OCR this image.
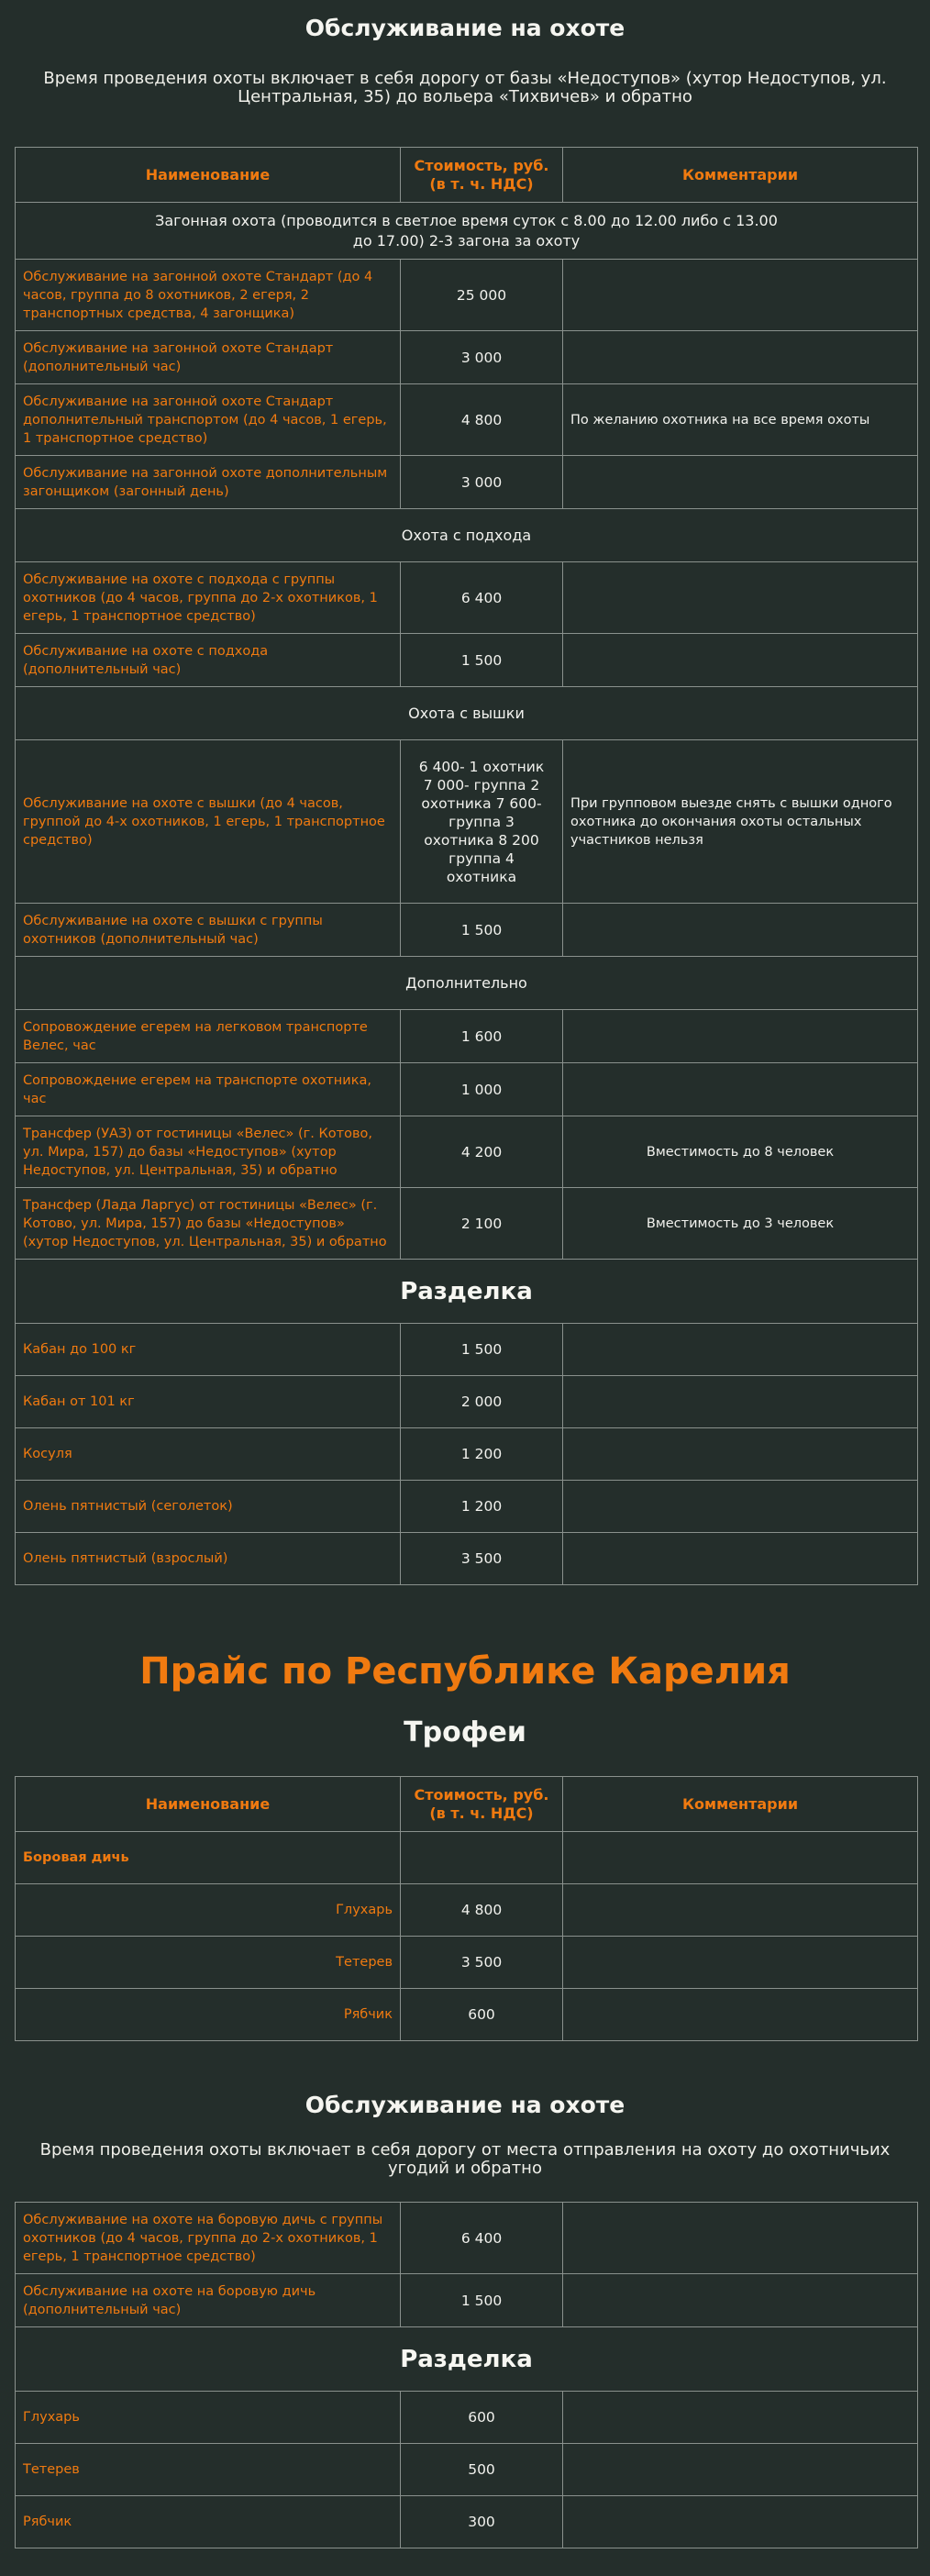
Обслуживание на охоте

Время проведения охоты включает в себя дорогу от базы «Недоступов» (хутор Недоступов, ул. Центральная, 35) до вольера «Тихвичев» и обратно

Наименование	Стоимость, руб. (в т. ч. НДС)	Комментарии
Загонная охота (проводится в светлое время суток с 8.00 до 12.00 либо с 13.00 до 17.00) 2-3 загона за охоту		
Обслуживание на загонной охоте Стандарт (до 4 часов, группа до 8 охотников, 2 егеря, 2 транспортных средства, 4 загонщика)	25 000	
Обслуживание на загонной охоте Стандарт (дополнительный час)	3 000	
Обслуживание на загонной охоте Стандарт дополнительный транспортом (до 4 часов, 1 егерь, 1 транспортное средство)	4 800	По желанию охотника на все время охоты
Обслуживание на загонной охоте дополнительным загонщиком (загонный день)	3 000	
Охота с подхода		
Обслуживание на охоте с подхода с группы охотников (до 4 часов, группа до 2-х охотников, 1 егерь, 1 транспортное средство)	6 400	
Обслуживание на охоте с подхода (дополнительный час)	1 500	
Охота с вышки		
Обслуживание на охоте с вышки (до 4 часов, группой до 4-х охотников, 1 егерь, 1 транспортное средство)	6 400- 1 охотник 7 000- группа 2 охотника 7 600- группа 3 охотника 8 200 группа 4 охотника	При групповом выезде снять с вышки одного охотника до окончания охоты остальных участников нельзя
Обслуживание на охоте с вышки с группы охотников (дополнительный час)	1 500	
Дополнительно		
Сопровождение егерем на легковом транспорте Велес, час	1 600	
Сопровождение егерем на транспорте охотника, час	1 000	
Трансфер (УАЗ) от гостиницы «Велес» (г. Котово, ул. Мира, 157) до базы «Недоступов» (хутор Недоступов, ул. Центральная, 35) и обратно	4 200	Вместимость до 8 человек
Трансфер (Лада Ларгус) от гостиницы «Велес» (г. Котово, ул. Мира, 157) до базы «Недоступов» (хутор Недоступов, ул. Центральная, 35) и обратно	2 100	Вместимость до 3 человек
Разделка		
Кабан до 100 кг	1 500	
Кабан от 101 кг	2 000	
Косуля	1 200	
Олень пятнистый (сеголеток)	1 200	
Олень пятнистый (взрослый)	3 500	
Прайс по Республике Карелия
Трофеи
Наименование	Стоимость, руб. (в т. ч. НДС)	Комментарии
Боровая дичь		
Глухарь	4 800	
Тетерев	3 500	
Рябчик	600	
Обслуживание на охоте

Время проведения охоты включает в себя дорогу от места отправления на охоту до охотничьих угодий и обратно

Обслуживание на охоте на боровую дичь с группы охотников (до 4 часов, группа до 2-х охотников, 1 егерь, 1 транспортное средство)	6 400	
Обслуживание на охоте на боровую дичь (дополнительный час)	1 500	
Разделка		
Глухарь	600	
Тетерев	500	
Рябчик	300	
